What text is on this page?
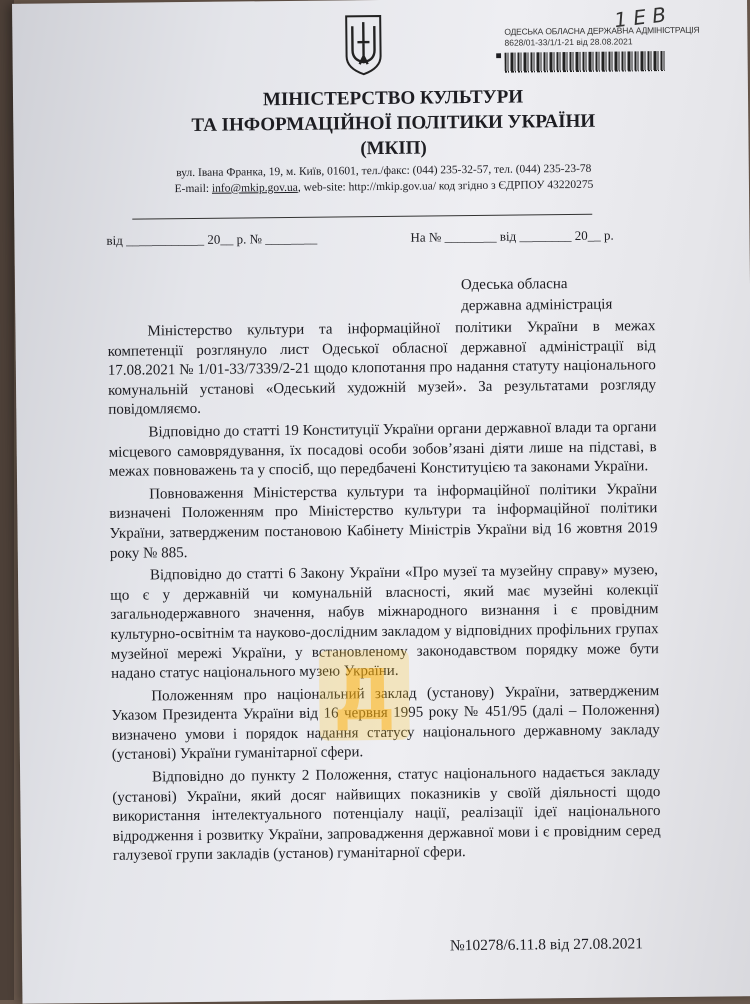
1 Е В
■
ОДЕСЬКА ОБЛАСНА ДЕРЖАВНА АДМІНІСТРАЦІЯ
8628/01-33/1/1-21 від 28.08.2021
МІНІСТЕРСТВО КУЛЬТУРИ
ТА ІНФОРМАЦІЙНОЇ ПОЛІТИКИ УКРАЇНИ
(МКІП)
вул. Івана Франка, 19, м. Київ, 01601, тел./факс: (044) 235-32-57, тел. (044) 235-23-78
E-mail: info@mkip.gov.ua, web-site: http://mkip.gov.ua/ код згідно з ЄДРПОУ 43220275
від ____________ 20__ р. № ________	На № ________ від ________ 20__ р.
Одеська обласна
державна адміністрація

Міністерство культури та інформаційної політики України в межах компетенції розглянуло лист Одеської обласної державної адміністрації від 17.08.2021 № 1/01-33/7339/2-21 щодо клопотання про надання статуту національного комунальній установі «Одеський художній музей». За результатами розгляду повідомляємо.

Відповідно до статті 19 Конституції України органи державної влади та органи місцевого самоврядування, їх посадові особи зобов’язані діяти лише на підставі, в межах повноважень та у спосіб, що передбачені Конституцією та законами України.

Повноваження Міністерства культури та інформаційної політики України визначені Положенням про Міністерство культури та інформаційної політики України, затвердженим постановою Кабінету Міністрів України від 16 жовтня 2019 року № 885.

Відповідно до статті 6 Закону України «Про музеї та музейну справу» музею, що є у державній чи комунальній власності, який має музейні колекції загальнодержавного значення, набув міжнародного визнання і є провідним культурно-освітнім та науково-дослідним закладом у відповідних профільних групах музейної мережі України, у встановленому законодавством порядку може бути надано статус національного музею України.

Положенням про національний заклад (установу) України, затвердженим Указом Президента України від 16 червня 1995 року № 451/95 (далі – Положення) визначено умови і порядок надання статусу національного державному закладу (установі) України гуманітарної сфери.

Відповідно до пункту 2 Положення, статус національного надається закладу (установі) України, який досяг найвищих показників у своїй діяльності щодо використання інтелектуального потенціалу нації, реалізації ідеї національного відродження і розвитку України, запровадження державної мови і є провідним серед галузевої групи закладів (установ) гуманітарної сфери.

Д
№10278/6.11.8 від 27.08.2021
